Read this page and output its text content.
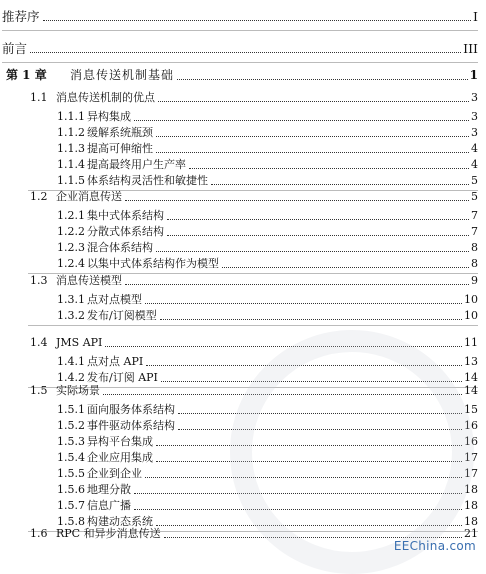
推荐序	I
前言	III
第 1 章	消息传送机制基础	1
1.1 消息传送机制的优点	3
1.1.1 异构集成	3
1.1.2 缓解系统瓶颈	3
1.1.3 提高可伸缩性	4
1.1.4 提高最终用户生产率	4
1.1.5 体系结构灵活性和敏捷性	5
1.2 企业消息传送	5
1.2.1 集中式体系结构	7
1.2.2 分散式体系结构	7
1.2.3 混合体系结构	8
1.2.4 以集中式体系结构作为模型	8
1.3 消息传送模型	9
1.3.1 点对点模型	10
1.3.2 发布/订阅模型	10
1.4 JMS API	11
1.4.1 点对点 API	13
1.4.2 发布/订阅 API	14
1.5 实际场景	14
1.5.1 面向服务体系结构	15
1.5.2 事件驱动体系结构	16
1.5.3 异构平台集成	16
1.5.4 企业应用集成	17
1.5.5 企业到企业	17
1.5.6 地理分散	18
1.5.7 信息广播	18
1.5.8 构建动态系统	18
1.6 RPC 和异步消息传送	21
EEChina.com
